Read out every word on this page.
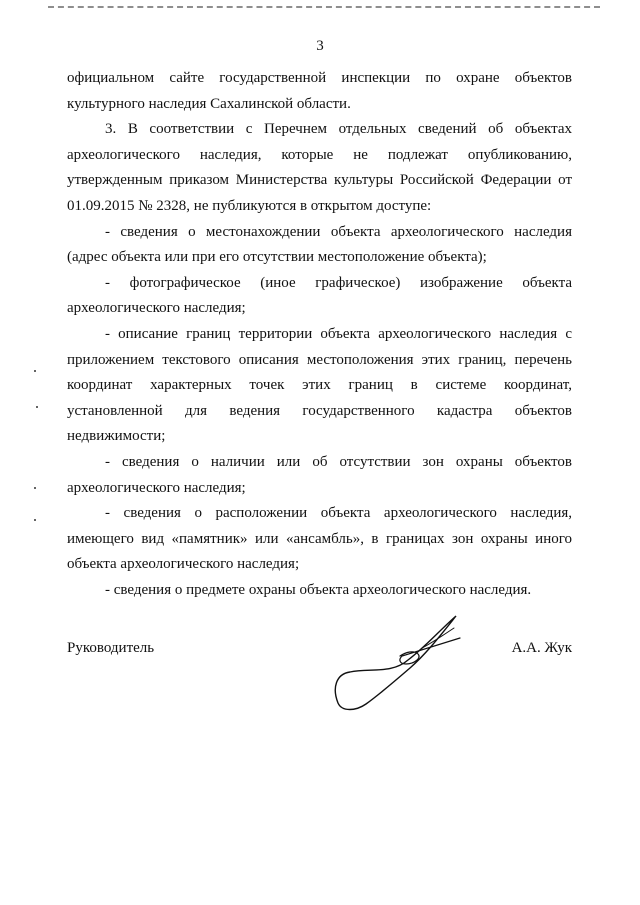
3

официальном сайте государственной инспекции по охране объектов культурного наследия Сахалинской области.

3. В соответствии с Перечнем отдельных сведений об объектах археологического наследия, которые не подлежат опубликованию, утвержденным приказом Министерства культуры Российской Федерации от 01.09.2015 № 2328, не публикуются в открытом доступе:

- сведения о местонахождении объекта археологического наследия (адрес объекта или при его отсутствии местоположение объекта);

- фотографическое (иное графическое) изображение объекта археологического наследия;

- описание границ территории объекта археологического наследия с приложением текстового описания местоположения этих границ, перечень координат характерных точек этих границ в системе координат, установленной для ведения государственного кадастра объектов недвижимости;

- сведения о наличии или об отсутствии зон охраны объектов археологического наследия;

- сведения о расположении объекта археологического наследия, имеющего вид «памятник» или «ансамбль», в границах зон охраны иного объекта археологического наследия;

- сведения о предмете охраны объекта археологического наследия.

Руководитель	А.А. Жук
